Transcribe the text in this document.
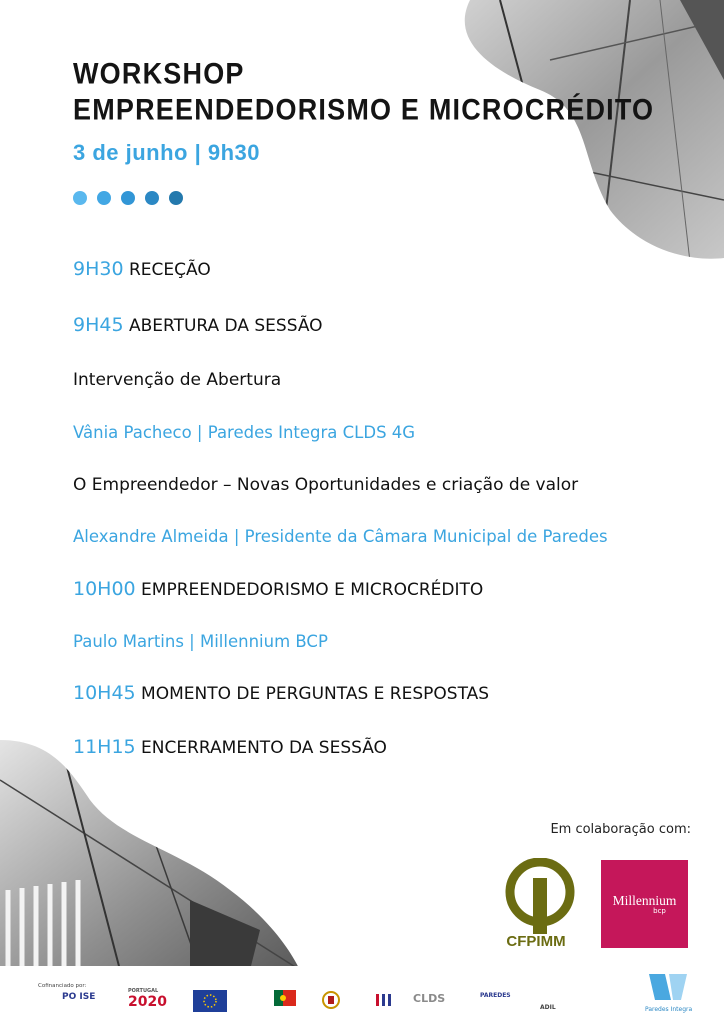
WORKSHOP
EMPREENDEDORISMO E MICROCRÉDITO
3 de junho | 9h30
9H30 RECEÇÃO
9H45 ABERTURA DA SESSÃO
Intervenção de Abertura
Vânia Pacheco | Paredes Integra CLDS 4G
O Empreendedor – Novas Oportunidades e criação de valor
Alexandre Almeida | Presidente da Câmara Municipal de Paredes
10H00 EMPREENDEDORISMO E MICROCRÉDITO
Paulo Martins | Millennium BCP
10H45 MOMENTO DE PERGUNTAS E RESPOSTAS
11H15 ENCERRAMENTO DA SESSÃO
Em colaboração com:
CFPIMM
Millennium
bcp
Cofinanciado por:
PO ISE
PORTUGAL
2020	CLDS	PAREDES
ADIL	Paredes Integra
